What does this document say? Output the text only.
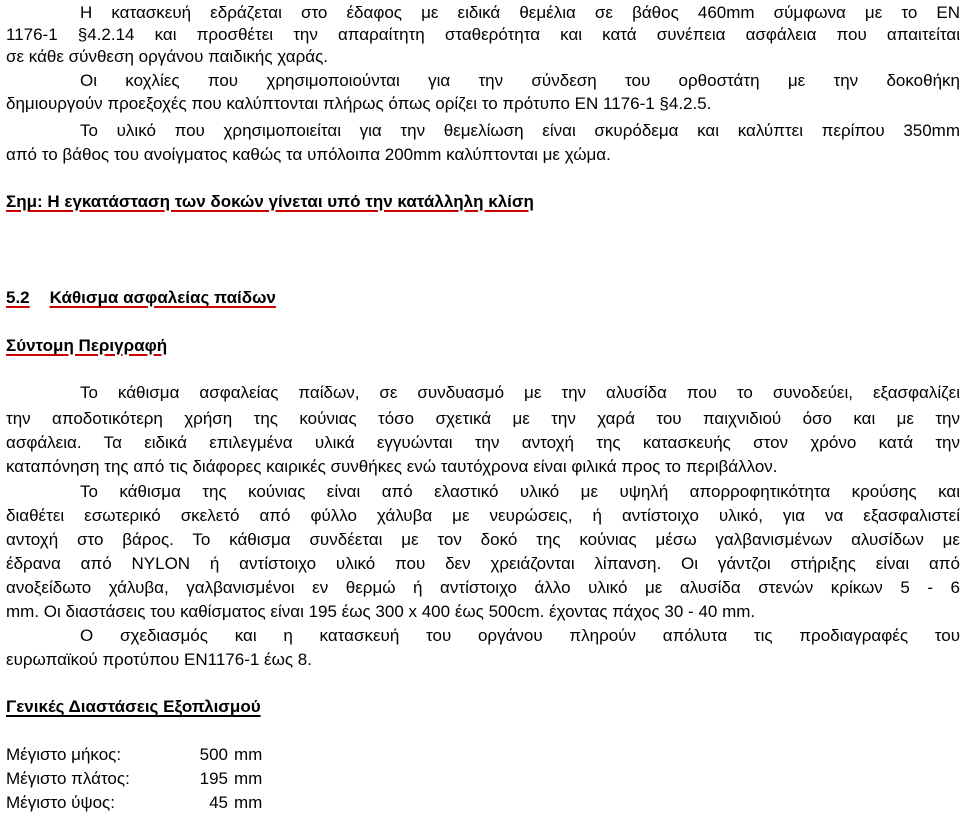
Η κατασκευή εδράζεται στο έδαφος με ειδικά θεμέλια σε βάθος 460mm σύμφωνα με το EN
1176-1 §4.2.14 και προσθέτει την απαραίτητη σταθερότητα και κατά συνέπεια ασφάλεια που απαιτείται
σε κάθε σύνθεση οργάνου παιδικής χαράς.
Οι κοχλίες που χρησιμοποιούνται για την σύνδεση του ορθοστάτη με την δοκοθήκη
δημιουργούν προεξοχές που καλύπτονται πλήρως όπως ορίζει το πρότυπο EN 1176-1 §4.2.5.
Το υλικό που χρησιμοποιείται για την θεμελίωση είναι σκυρόδεμα και καλύπτει περίπου 350mm
από το βάθος του ανοίγματος καθώς τα υπόλοιπα 200mm καλύπτονται με χώμα.
Σημ: Η εγκατάσταση των δοκών γίνεται υπό την κατάλληλη κλίση
5.2 Κάθισμα ασφαλείας παίδων
Σύντομη Περιγραφή
Το κάθισμα ασφαλείας παίδων, σε συνδυασμό με την αλυσίδα που το συνοδεύει, εξασφαλίζει
την αποδοτικότερη χρήση της κούνιας τόσο σχετικά με την χαρά του παιχνιδιού όσο και με την
ασφάλεια. Τα ειδικά επιλεγμένα υλικά εγγυώνται την αντοχή της κατασκευής στον χρόνο κατά την
καταπόνηση της από τις διάφορες καιρικές συνθήκες ενώ ταυτόχρονα είναι φιλικά προς το περιβάλλον.
Το κάθισμα της κούνιας είναι από ελαστικό υλικό με υψηλή απορροφητικότητα κρούσης και
διαθέτει εσωτερικό σκελετό από φύλλο χάλυβα με νευρώσεις, ή αντίστοιχο υλικό, για να εξασφαλιστεί
αντοχή στο βάρος. Το κάθισμα συνδέεται με τον δοκό της κούνιας μέσω γαλβανισμένων αλυσίδων με
έδρανα από NYLON ή αντίστοιχο υλικό που δεν χρειάζονται λίπανση. Οι γάντζοι στήριξης είναι από
ανοξείδωτο χάλυβα, γαλβανισμένοι εν θερμώ ή αντίστοιχο άλλο υλικό με αλυσίδα στενών κρίκων 5 - 6
mm. Οι διαστάσεις του καθίσματος είναι 195 έως 300 x 400 έως 500cm. έχοντας πάχος 30 - 40 mm.
Ο σχεδιασμός και η κατασκευή του οργάνου πληρούν απόλυτα τις προδιαγραφές του
ευρωπαϊκού προτύπου EN1176-1 έως 8.
Γενικές Διαστάσεις Εξοπλισμού
Μέγιστο μήκος:	500 mm
Μέγιστο πλάτος:	195 mm
Μέγιστο ύψος:	45 mm
